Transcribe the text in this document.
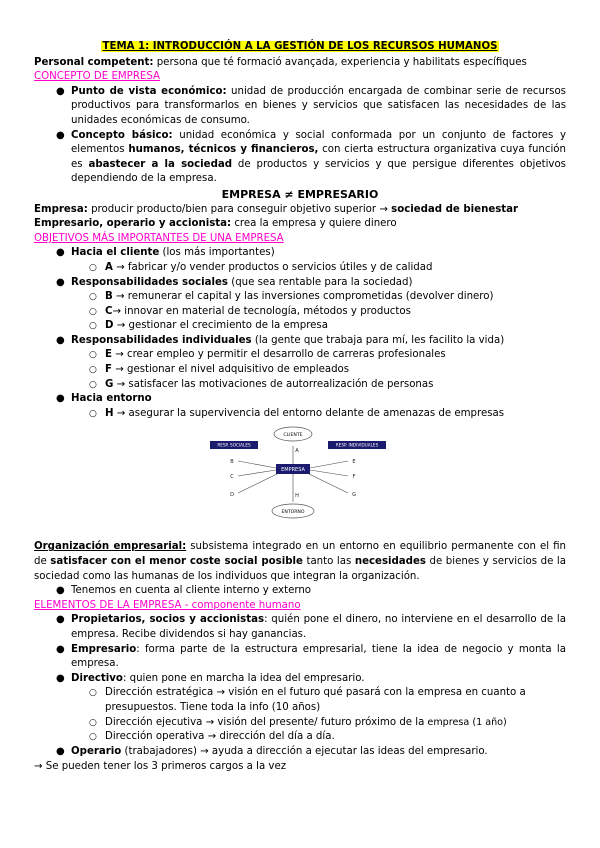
TEMA 1: INTRODUCCIÓN A LA GESTIÓN DE LOS RECURSOS HUMANOS
Personal competent: persona que té formació avançada, experiencia y habilitats específiques
CONCEPTO DE EMPRESA
● Punto de vista económico: unidad de producción encargada de combinar serie de recursos productivos para transformarlos en bienes y servicios que satisfacen las necesidades de las unidades económicas de consumo.
● Concepto básico: unidad económica y social conformada por un conjunto de factores y elementos humanos, técnicos y financieros, con cierta estructura organizativa cuya función es abastecer a la sociedad de productos y servicios y que persigue diferentes objetivos dependiendo de la empresa.
EMPRESA ≠ EMPRESARIO
Empresa: producir producto/bien para conseguir objetivo superior → sociedad de bienestar
Empresario, operario y accionista: crea la empresa y quiere dinero
OBJETIVOS MÁS IMPORTANTES DE UNA EMPRESA
● Hacia el cliente (los más importantes)
○ A → fabricar y/o vender productos o servicios útiles y de calidad
● Responsabilidades sociales (que sea rentable para la sociedad)
○ B → remunerar el capital y las inversiones comprometidas (devolver dinero)
○ C→ innovar en material de tecnología, métodos y productos
○ D → gestionar el crecimiento de la empresa
● Responsabilidades individuales (la gente que trabaja para mí, les facilito la vida)
○ E → crear empleo y permitir el desarrollo de carreras profesionales
○ F → gestionar el nivel adquisitivo de empleados
○ G → satisfacer las motivaciones de autorrealización de personas
● Hacia entorno
○ H → asegurar la supervivencia del entorno delante de amenazas de empresas
CLIENTE
RESP. SOCIALES	RESP. INDIVIDUALES
EMPRESA
ENTORNO
A
B
C
D
E
F
G
H
Organización empresarial: subsistema integrado en un entorno en equilibrio permanente con el fin de satisfacer con el menor coste social posible tanto las necesidades de bienes y servicios de la sociedad como las humanas de los individuos que integran la organización.
● Tenemos en cuenta al cliente interno y externo
ELEMENTOS DE LA EMPRESA - componente humano
● Propietarios, socios y accionistas: quién pone el dinero, no interviene en el desarrollo de la empresa. Recibe dividendos si hay ganancias.
● Empresario: forma parte de la estructura empresarial, tiene la idea de negocio y monta la empresa.
● Directivo: quien pone en marcha la idea del empresario.
○ Dirección estratégica → visión en el futuro qué pasará con la empresa en cuanto a presupuestos. Tiene toda la info (10 años)
○ Dirección ejecutiva → visión del presente/ futuro próximo de la empresa (1 año)
○ Dirección operativa → dirección del día a día.
● Operario (trabajadores) → ayuda a dirección a ejecutar las ideas del empresario.
→ Se pueden tener los 3 primeros cargos a la vez
